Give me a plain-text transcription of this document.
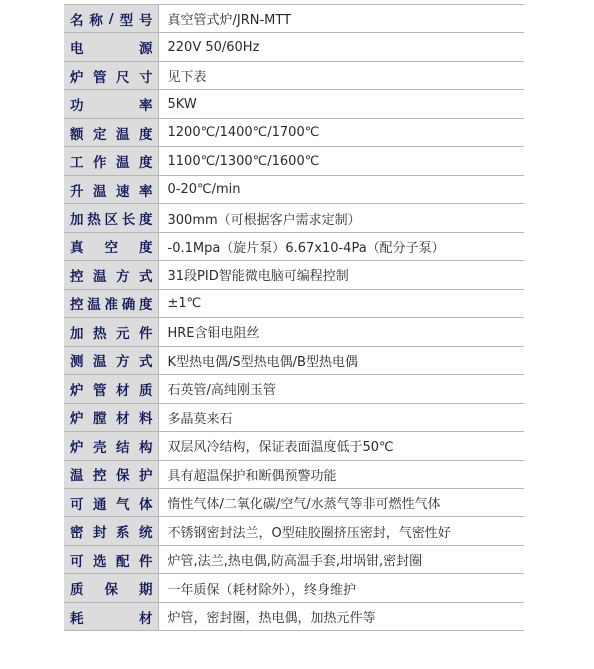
名 称 / 型 号	真空管式炉/JRN-MTT

电 源	220V 50/60Hz

炉 管 尺 寸	见下表

功 率	5KW

额 定 温 度	1200℃/1400℃/1700℃

工 作 温 度	1100℃/1300℃/1600℃

升 温 速 率	0-20℃/min

加 热 区 长 度	300mm（可根据客户需求定制）

真 空 度	-0.1Mpa（旋片泵）6.67x10-4Pa（配分子泵）

控 温 方 式	31段PID智能微电脑可编程控制

控 温 准 确 度	±1℃

加 热 元 件	HRE含钼电阻丝

测 温 方 式	K型热电偶/S型热电偶/B型热电偶

炉 管 材 质	石英管/高纯刚玉管

炉 膛 材 料	多晶莫来石

炉 壳 结 构	双层风冷结构，保证表面温度低于50℃

温 控 保 护	具有超温保护和断偶预警功能

可 通 气 体	惰性气体/二氧化碳/空气/水蒸气等非可燃性气体

密 封 系 统	不锈钢密封法兰，O型硅胶圈挤压密封，气密性好

可 选 配 件	炉管,法兰,热电偶,防高温手套,坩埚钳,密封圈

质 保 期	一年质保（耗材除外），终身维护

耗 材	炉管，密封圈，热电偶，加热元件等
